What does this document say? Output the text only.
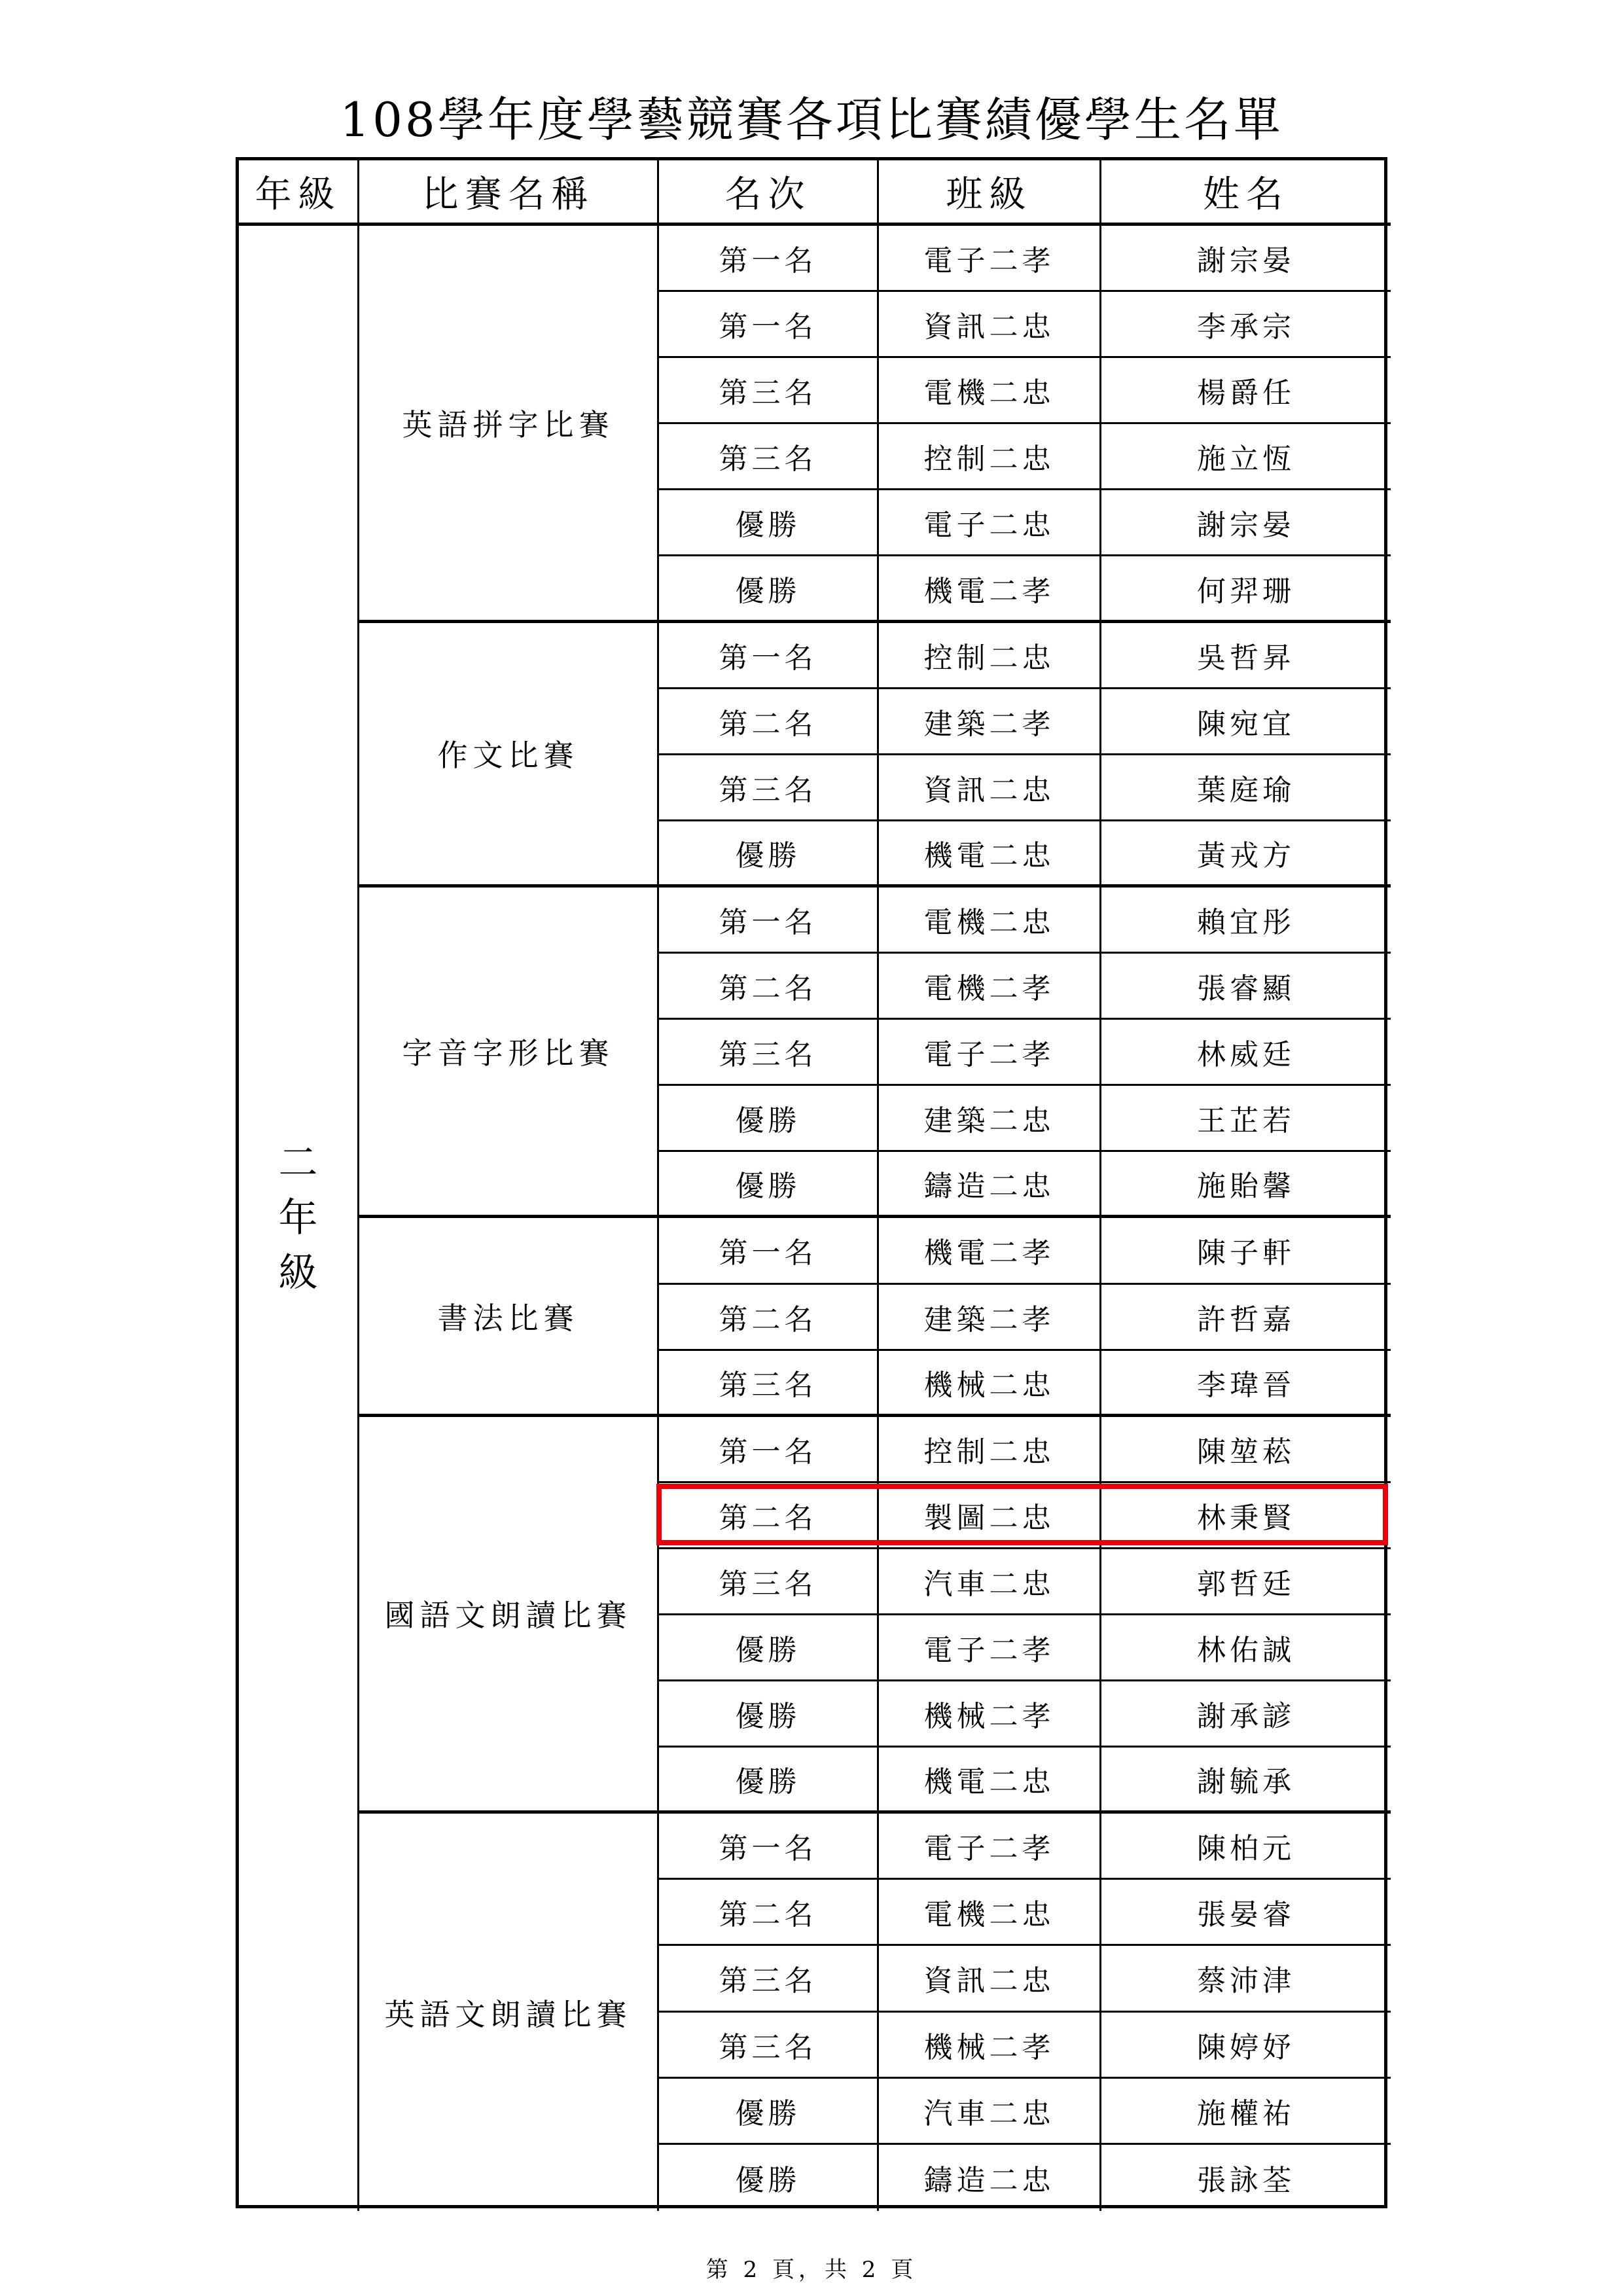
108學年度學藝競賽各項比賽績優學生名單
年級	比賽名稱	名次	班級	姓名
二
年
級
英語拼字比賽
第一名	電子二孝	謝宗晏
第一名	資訊二忠	李承宗
第三名	電機二忠	楊爵任
第三名	控制二忠	施立恆
優勝	電子二忠	謝宗晏
優勝	機電二孝	何羿珊
作文比賽
第一名	控制二忠	吳哲昇
第二名	建築二孝	陳宛宜
第三名	資訊二忠	葉庭瑜
優勝	機電二忠	黃戎方
字音字形比賽
第一名	電機二忠	賴宜彤
第二名	電機二孝	張睿顯
第三名	電子二孝	林威廷
優勝	建築二忠	王芷若
優勝	鑄造二忠	施貽馨
書法比賽
第一名	機電二孝	陳子軒
第二名	建築二孝	許哲嘉
第三名	機械二忠	李瑋晉
國語文朗讀比賽
第一名	控制二忠	陳堃菘
第二名	製圖二忠	林秉賢
第三名	汽車二忠	郭哲廷
優勝	電子二孝	林佑誠
優勝	機械二孝	謝承諺
優勝	機電二忠	謝毓承
英語文朗讀比賽
第一名	電子二孝	陳柏元
第二名	電機二忠	張晏睿
第三名	資訊二忠	蔡沛津
第三名	機械二孝	陳婷妤
優勝	汽車二忠	施權祐
優勝	鑄造二忠	張詠荃
第 2 頁，共 2 頁
